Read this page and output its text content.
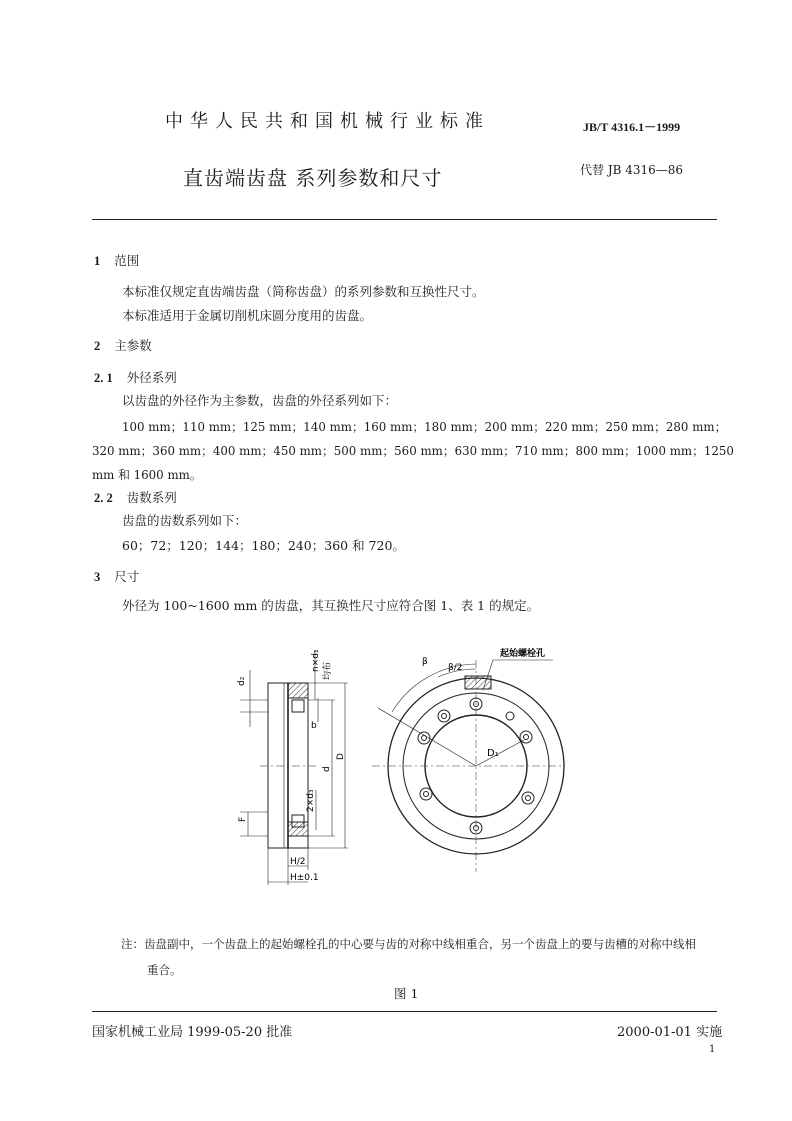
中华人民共和国机械行业标准	JB/T 4316.1－1999
直齿端齿盘 系列参数和尺寸	代替 JB 4316—86
1 范围
本标准仅规定直齿端齿盘（简称齿盘）的系列参数和互换性尺寸。
本标准适用于金属切削机床圆分度用的齿盘。
2 主参数
2. 1 外径系列
以齿盘的外径作为主参数，齿盘的外径系列如下：
100 mm；110 mm；125 mm；140 mm；160 mm；180 mm；200 mm；220 mm；250 mm；280 mm；
320 mm；360 mm；400 mm；450 mm；500 mm；560 mm；630 mm；710 mm；800 mm；1000 mm；1250
mm 和 1600 mm。
2. 2 齿数系列
齿盘的齿数系列如下：
60；72；120；144；180；240；360 和 720。
3 尺寸
外径为 100~1600 mm 的齿盘，其互换性尺寸应符合图 1、表 1 的规定。
d₂
n×d₁ 均布
b
d
D
2×d₃
F
H/2
H±0.1
β
β/2
起始螺栓孔
D₁
注：齿盘副中，一个齿盘上的起始螺栓孔的中心要与齿的对称中线相重合，另一个齿盘上的要与齿槽的对称中线相
重合。
图 1
国家机械工业局 1999-05-20 批准	2000-01-01 实施
1
